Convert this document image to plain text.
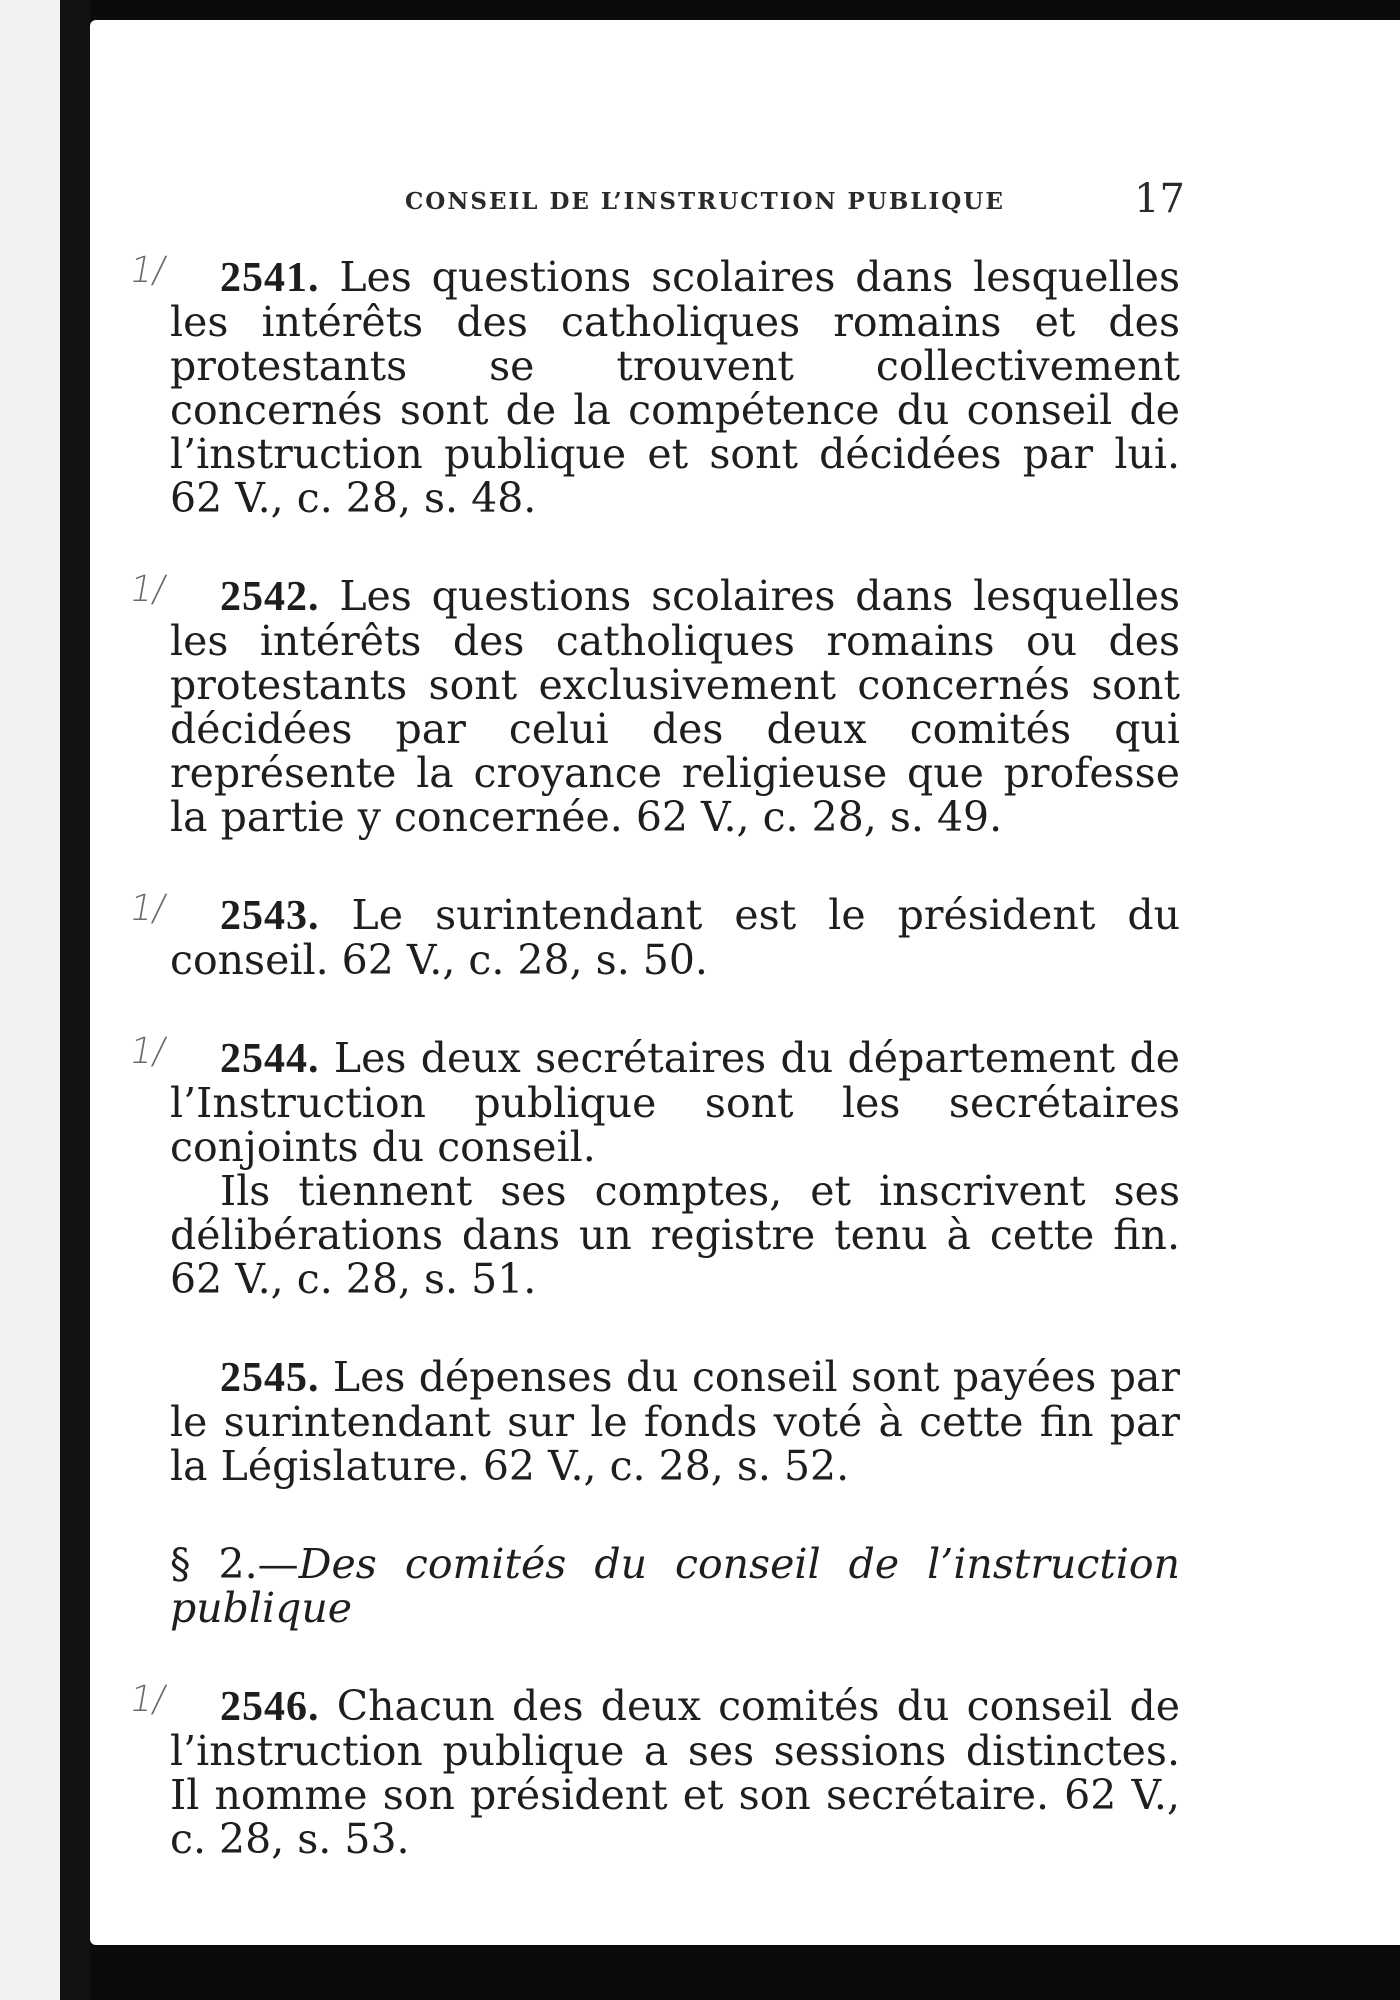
CONSEIL DE L’INSTRUCTION PUBLIQUE	17
1/	2541. Les questions scolaires dans lesquelles les intérêts des catholiques romains et des protestants se trouvent collectivement concernés sont de la compétence du conseil de l’instruction publique et sont décidées par lui. 62 V., c. 28, s. 48.

1/	2542. Les questions scolaires dans lesquelles les intérêts des catholiques romains ou des protestants sont exclusivement concernés sont décidées par celui des deux comités qui représente la croyance religieuse que professe la partie y concernée. 62 V., c. 28, s. 49.

1/	2543. Le surintendant est le président du conseil. 62 V., c. 28, s. 50.

1/	2544. Les deux secrétaires du département de l’Instruction publique sont les secrétaires conjoints du conseil.

Ils tiennent ses comptes, et inscrivent ses délibérations dans un registre tenu à cette fin. 62 V., c. 28, s. 51.

2545. Les dépenses du conseil sont payées par le surintendant sur le fonds voté à cette fin par la Législature. 62 V., c. 28, s. 52.

§ 2.—Des comités du conseil de l’instruction publique

1/	2546. Chacun des deux comités du conseil de l’instruction publique a ses sessions distinctes. Il nomme son président et son secrétaire. 62 V., c. 28, s. 53.
